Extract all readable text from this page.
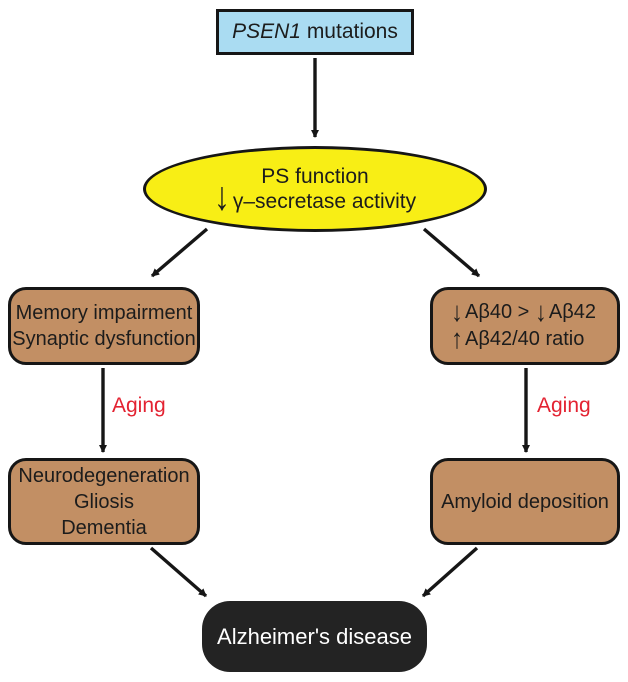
PSEN1 mutations
PS function
↓ γ–secretase activity
Memory impairment
Synaptic dysfunction
↓ Aβ40 > ↓ Aβ42
↑ Aβ42/40 ratio
Aging	Aging
Neurodegeneration
Gliosis
Dementia
Amyloid deposition
Alzheimer's disease
